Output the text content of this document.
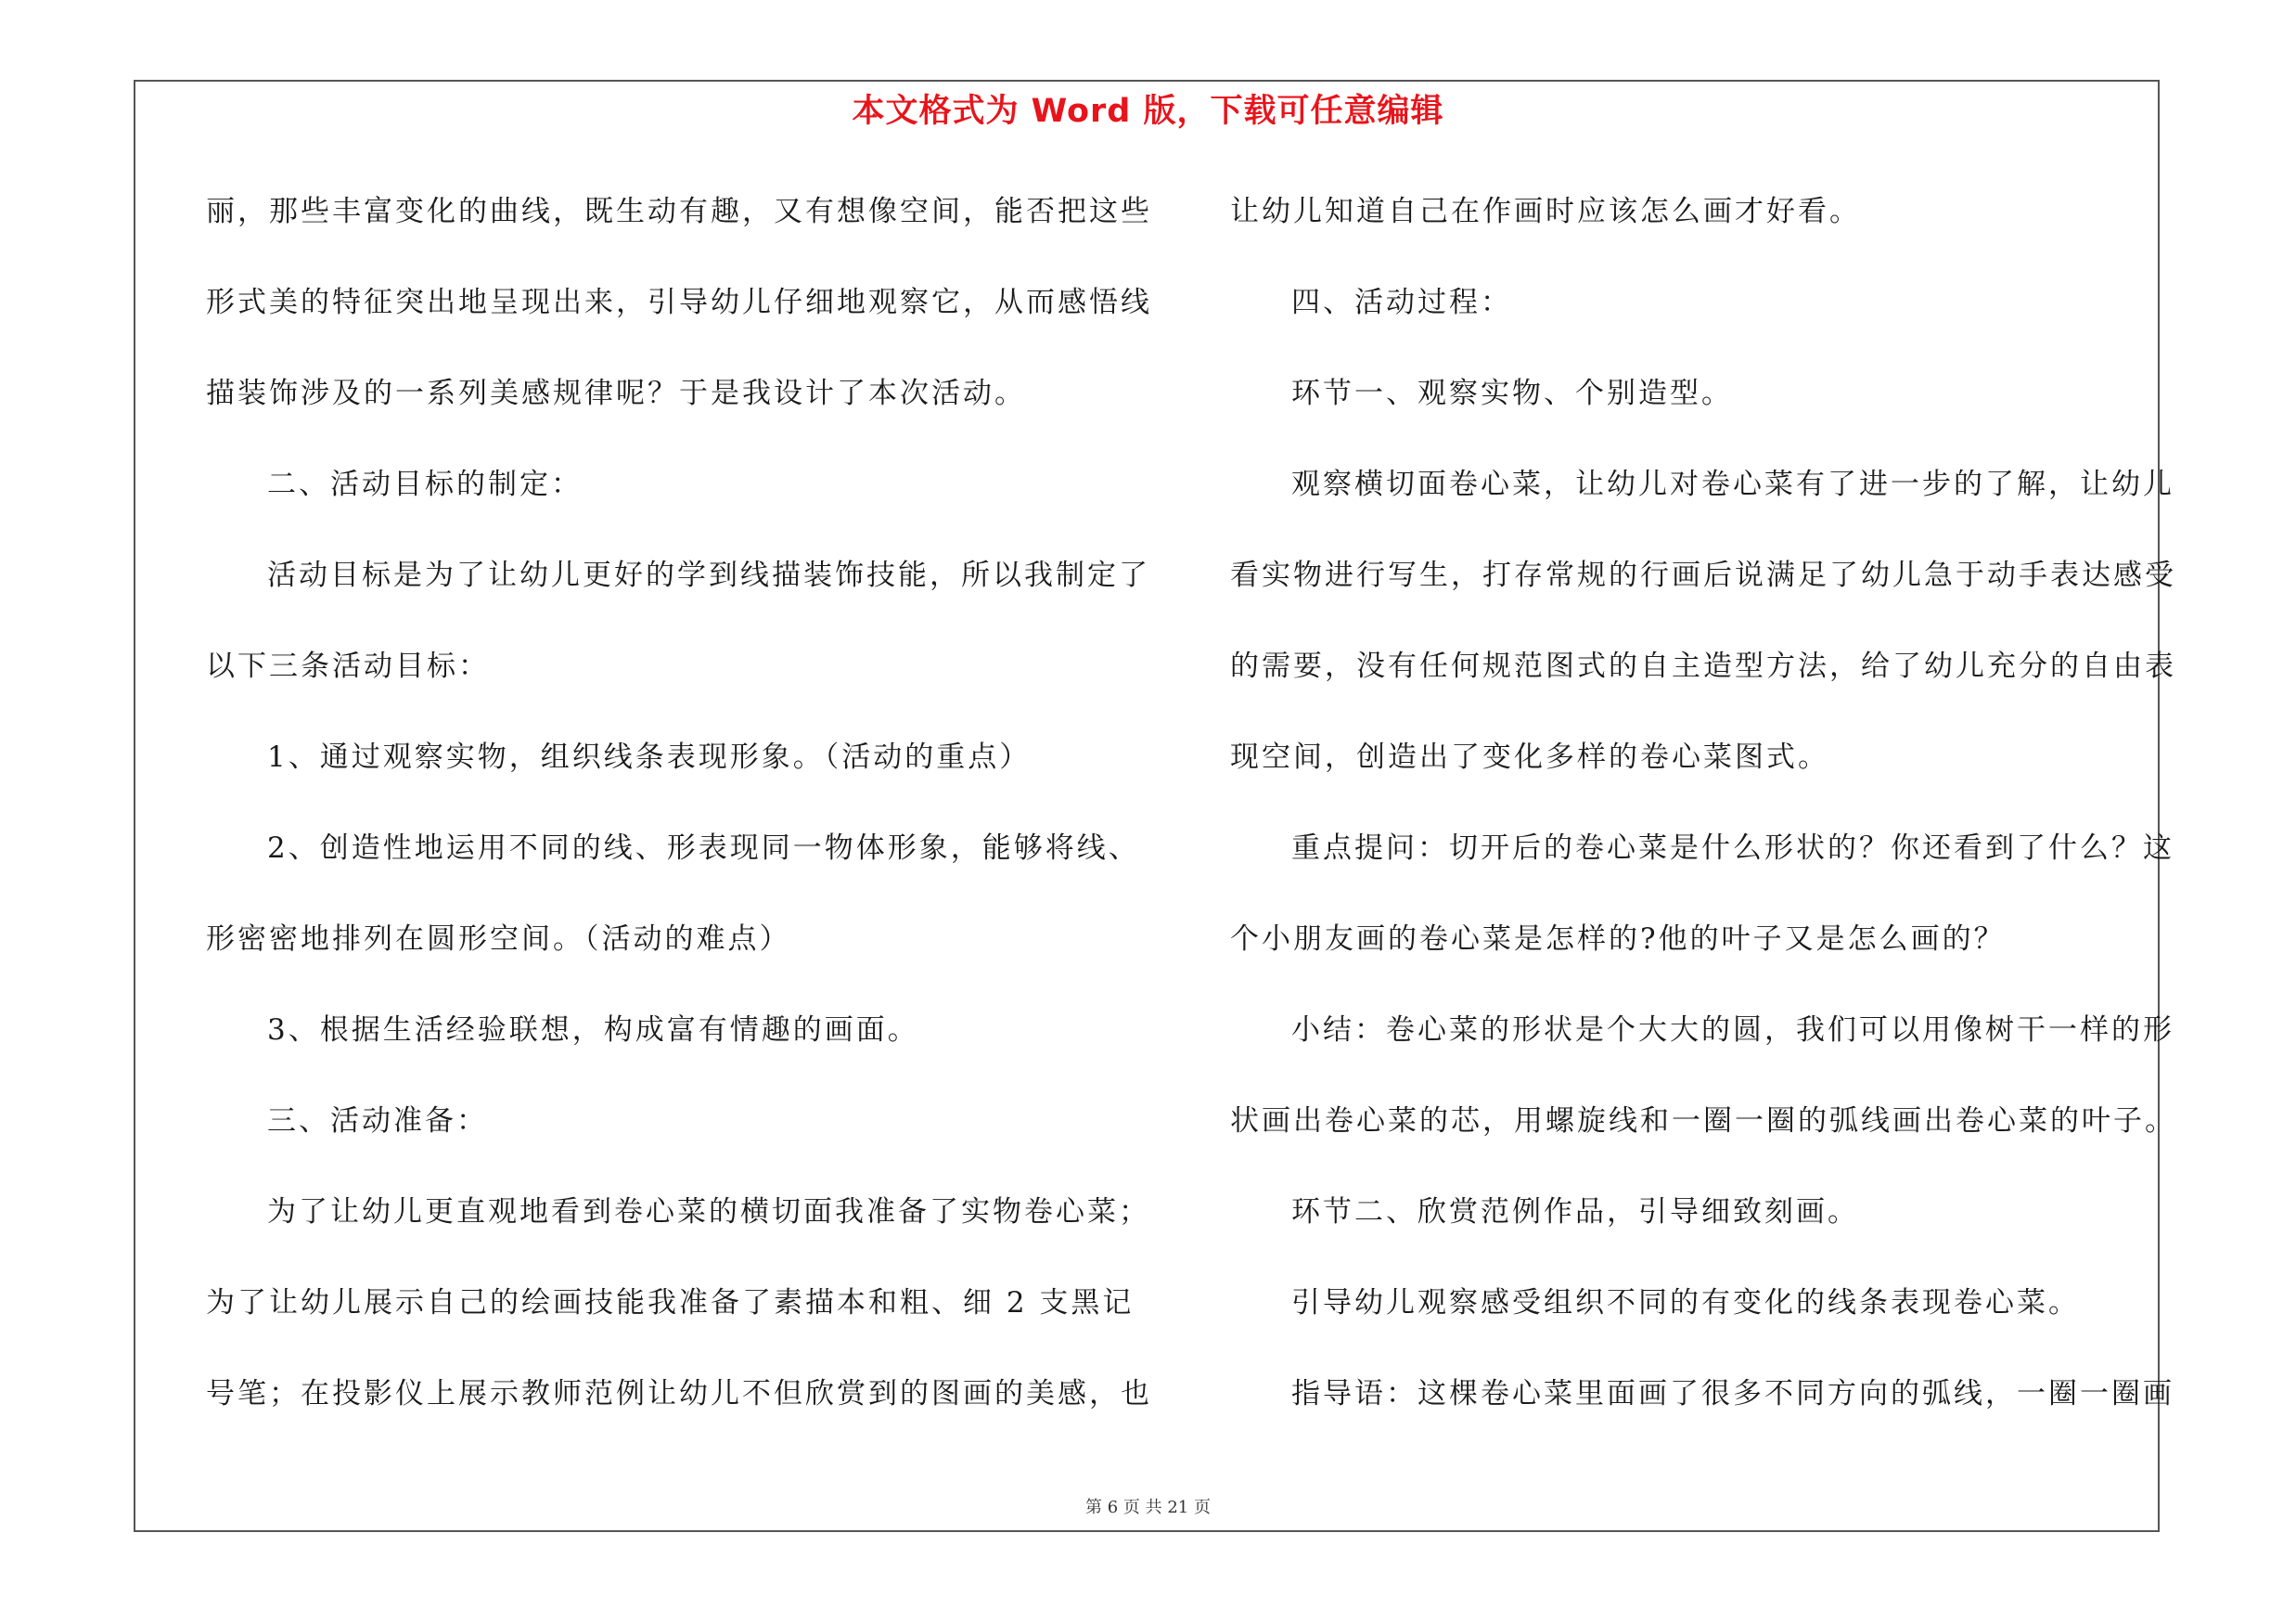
本文格式为 Word 版，下载可任意编辑
丽，那些丰富变化的曲线，既生动有趣，又有想像空间，能否把这些
形式美的特征突出地呈现出来，引导幼儿仔细地观察它，从而感悟线
描装饰涉及的一系列美感规律呢？于是我设计了本次活动。
二、活动目标的制定：
活动目标是为了让幼儿更好的学到线描装饰技能，所以我制定了
以下三条活动目标：
1、通过观察实物，组织线条表现形象。（活动的重点）
2、创造性地运用不同的线、形表现同一物体形象，能够将线、
形密密地排列在圆形空间。（活动的难点）
3、根据生活经验联想，构成富有情趣的画面。
三、活动准备：
为了让幼儿更直观地看到卷心菜的横切面我准备了实物卷心菜；
为了让幼儿展示自己的绘画技能我准备了素描本和粗、细 2 支黑记
号笔；在投影仪上展示教师范例让幼儿不但欣赏到的图画的美感，也
让幼儿知道自己在作画时应该怎么画才好看。
四、活动过程：
环节一、观察实物、个别造型。
观察横切面卷心菜，让幼儿对卷心菜有了进一步的了解，让幼儿
看实物进行写生，打存常规的行画后说满足了幼儿急于动手表达感受
的需要，没有任何规范图式的自主造型方法，给了幼儿充分的自由表
现空间，创造出了变化多样的卷心菜图式。
重点提问：切开后的卷心菜是什么形状的？你还看到了什么？这
个小朋友画的卷心菜是怎样的?他的叶子又是怎么画的？
小结：卷心菜的形状是个大大的圆，我们可以用像树干一样的形
状画出卷心菜的芯，用螺旋线和一圈一圈的弧线画出卷心菜的叶子。
环节二、欣赏范例作品，引导细致刻画。
引导幼儿观察感受组织不同的有变化的线条表现卷心菜。
指导语：这棵卷心菜里面画了很多不同方向的弧线，一圈一圈画
第 6 页 共 21 页
